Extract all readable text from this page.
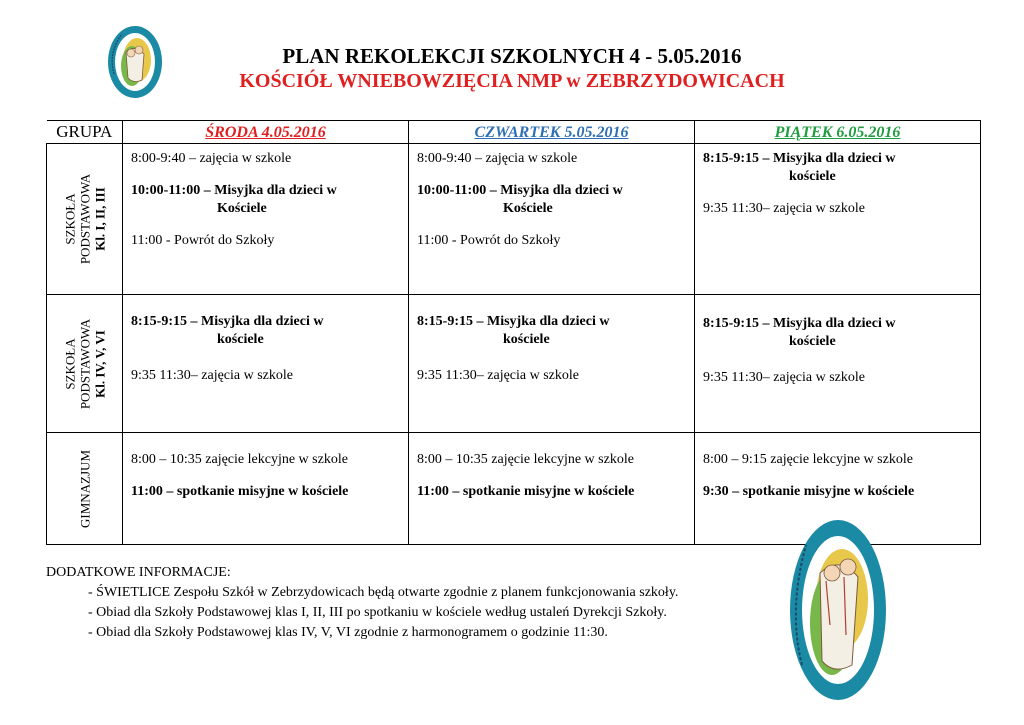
PLAN REKOLEKCJI SZKOLNYCH 4 - 5.05.2016
KOŚCIÓŁ WNIEBOWZIĘCIA NMP w ZEBRZYDOWICACH
GRUPA	ŚRODA 4.05.2016	CZWARTEK 5.05.2016	PIĄTEK 6.05.2016

SZKOŁA PODSTAWOWA Kl. I, II, III	8:00-9:40 – zajęcia w szkole
10:00-11:00 – Misyjka dla dzieci w
Kościele
11:00 - Powrót do Szkoły	8:00-9:40 – zajęcia w szkole
10:00-11:00 – Misyjka dla dzieci w
Kościele
11:00 - Powrót do Szkoły	8:15-9:15 – Misyjka dla dzieci w
kościele
9:35 11:30– zajęcia w szkole

SZKOŁA PODSTAWOWA Kl. IV, V, VI	8:15-9:15 – Misyjka dla dzieci w
kościele
9:35 11:30– zajęcia w szkole	8:15-9:15 – Misyjka dla dzieci w
kościele
9:35 11:30– zajęcia w szkole	8:15-9:15 – Misyjka dla dzieci w
kościele
9:35 11:30– zajęcia w szkole

GIMNAZJUM	8:00 – 10:35 zajęcie lekcyjne w szkole
11:00 – spotkanie misyjne w kościele	8:00 – 10:35 zajęcie lekcyjne w szkole
11:00 – spotkanie misyjne w kościele	8:00 – 9:15 zajęcie lekcyjne w szkole
9:30 – spotkanie misyjne w kościele
DODATKOWE INFORMACJE:
- ŚWIETLICE Zespołu Szkół w Zebrzydowicach będą otwarte zgodnie z planem funkcjonowania szkoły.
- Obiad dla Szkoły Podstawowej klas I, II, III po spotkaniu w kościele według ustaleń Dyrekcji Szkoły.
- Obiad dla Szkoły Podstawowej klas IV, V, VI zgodnie z harmonogramem o godzinie 11:30.
